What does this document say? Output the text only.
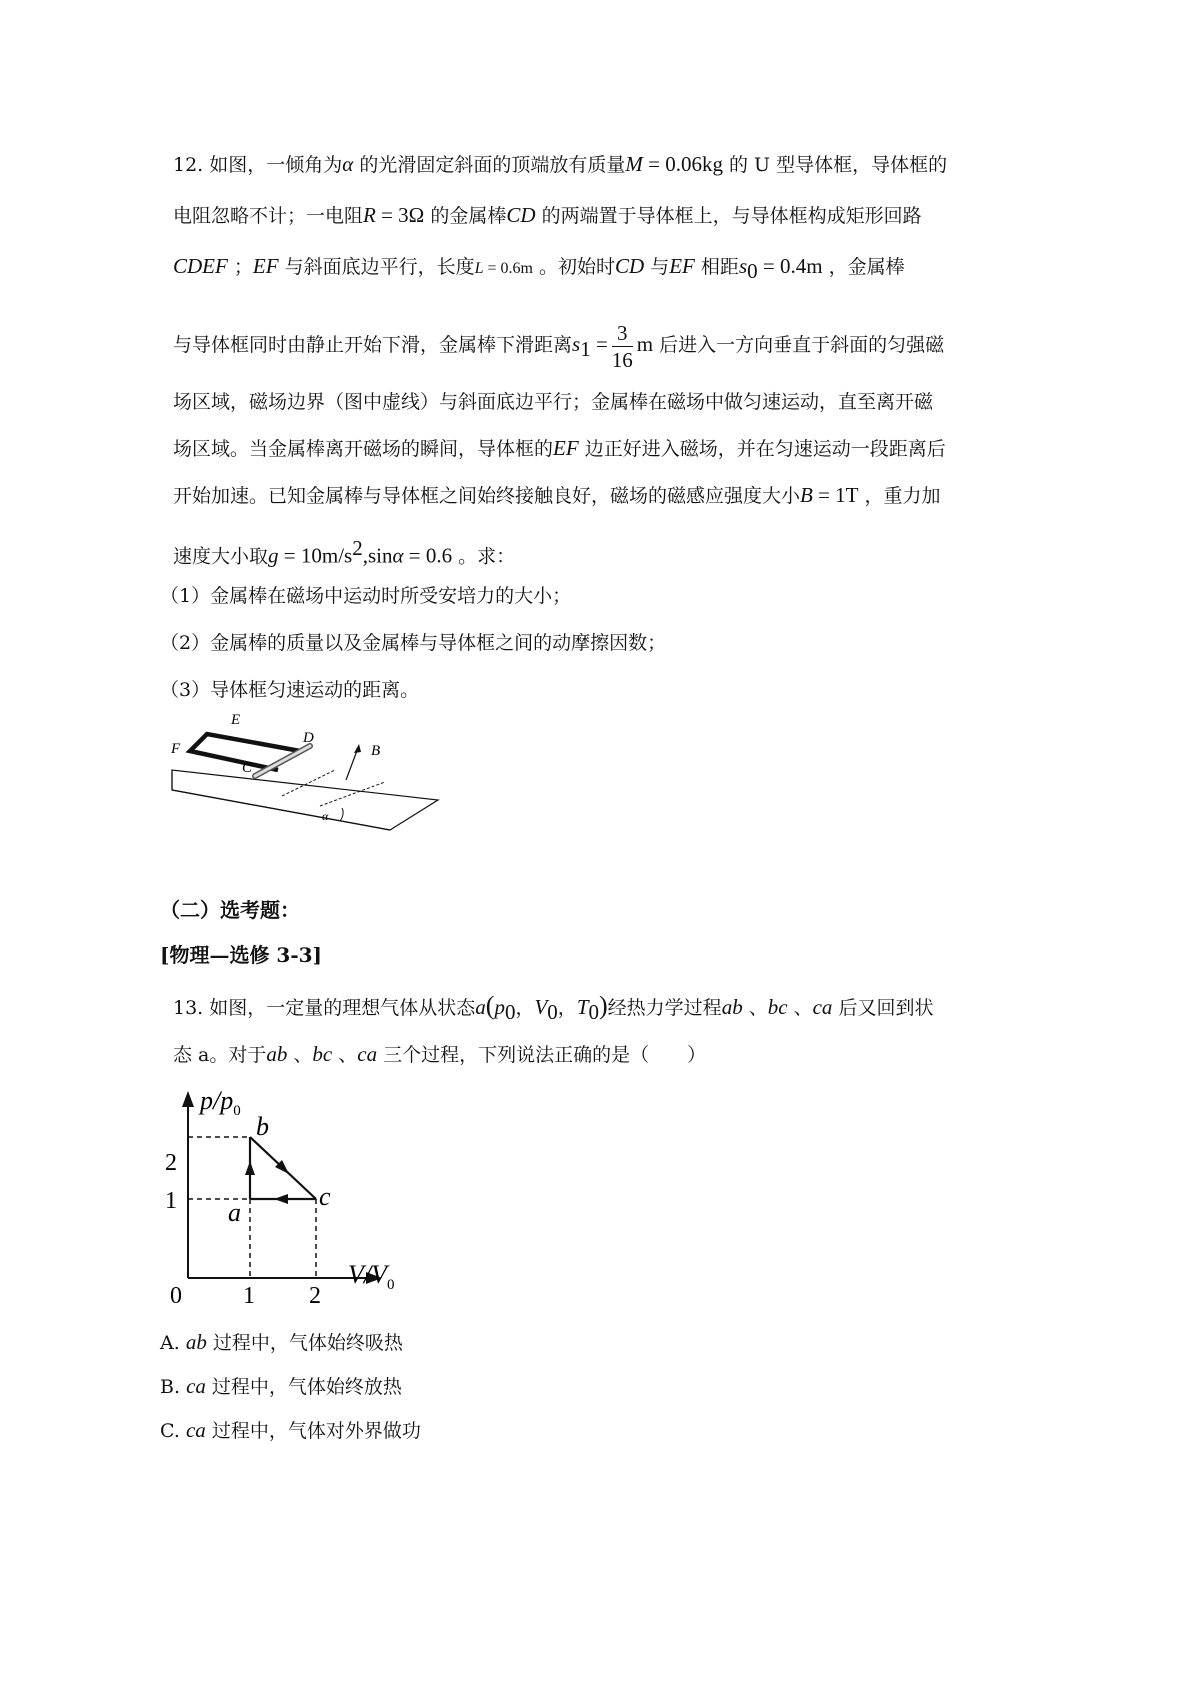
12. 如图，一倾角为α 的光滑固定斜面的顶端放有质量M = 0.06kg 的 U 型导体框，导体框的
电阻忽略不计；一电阻R = 3Ω 的金属棒CD 的两端置于导体框上，与导体框构成矩形回路
CDEF ；EF 与斜面底边平行，长度L = 0.6m 。初始时CD 与EF 相距$s_0 = 0.4m$ ，金属棒
与导体框同时由静止开始下滑，金属棒下滑距离$s_1 = \frac{3}{16}$ m 后进入一方向垂直于斜面的匀强磁
场区域，磁场边界（图中虚线）与斜面底边平行；金属棒在磁场中做匀速运动，直至离开磁
场区域。当金属棒离开磁场的瞬间，导体框的EF 边正好进入磁场，并在匀速运动一段距离后
开始加速。已知金属棒与导体框之间始终接触良好，磁场的磁感应强度大小B = 1T ，重力加
速度大小取$g = 10m/s^2,\sin\alpha = 0.6$ 。求：
（1）金属棒在磁场中运动时所受安培力的大小；
（2）金属棒的质量以及金属棒与导体框之间的动摩擦因数；
（3）导体框匀速运动的距离。
α
E
F
D
C
B
（二）选考题：
[物理—选修 3-3]
13. 如图，一定量的理想气体从状态$a(p_0$，$V_0$，$T_0$)经热力学过程ab 、bc 、ca 后又回到状
态 a。对于ab 、bc 、ca 三个过程，下列说法正确的是（　　）
$p/p_0$
$V/V_0$
2
1
0	1 2
b
c
a
A. ab 过程中，气体始终吸热
B. ca 过程中，气体始终放热
C. ca 过程中，气体对外界做功
